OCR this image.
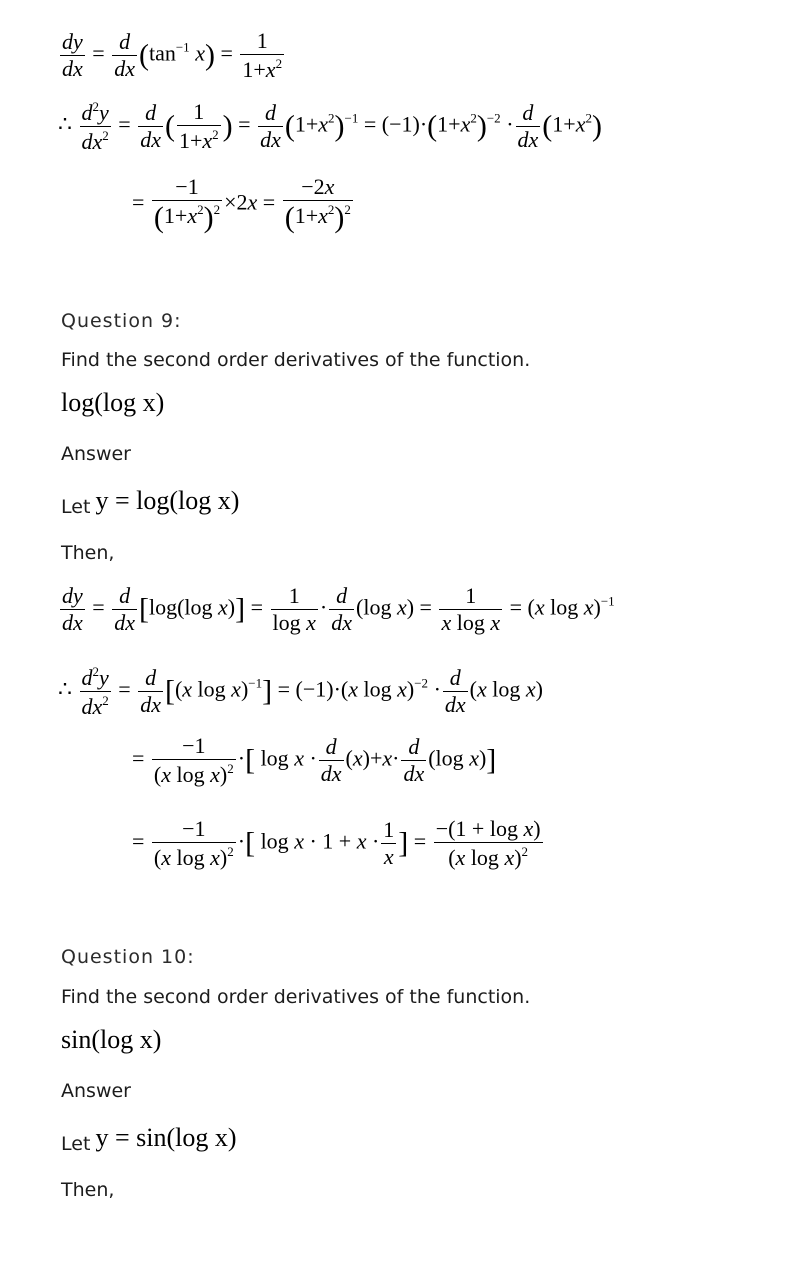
$\frac{dy}{dx} = \frac{d}{dx} (\tan^{-1}$ $x) = \frac{1}{1+x^2}$
∴ $\frac{d^2y}{dx^2} = \frac{d}{dx}$ ( $\frac{1}{1+x^2}$ ) = $\frac{d}{dx} (1+x^2)^{-1} = (-1)\cdot(1+x^2)^{-2} \cdot \frac{d}{dx} (1+x^2)$
= $\frac{-1}{(1+x^2)^2} \times 2x = \frac{-2x}{(1+x^2)^2}$
Question 9:
Find the second order derivatives of the function.
log(log x)
Answer
Let y = log(log x)
Then,
$\frac{dy}{dx} = \frac{d}{dx} [\log(\log$ $x)] = \frac{1}{\text{log x}} \cdot \frac{d}{dx} (\log$ $x) = \frac{1}{\text{x log x}} = (x$ log x)$^{-1}$
∴ $\frac{d^2y}{dx^2} = \frac{d}{dx} [(x$ log x)$^{-1}$] = (−1)·(x $\log x)^{-2} \cdot \frac{d}{dx} (x$ log x)
= $\frac{-1}{(x \log x)^2}$ ·[ $\log x \cdot \frac{d}{dx} (x)+x\cdot \frac{d}{dx} (\log$ x)]
= $\frac{-1}{(x \log x)^2}$ ·[ $\log x \cdot 1 + x \cdot \frac{1}{x}$ ] = $\frac{\text{−(1 + log x)}}{(x \log x)^2}$
Question 10:
Find the second order derivatives of the function.
sin(log x)
Answer
Let y = sin(log x)
Then,
